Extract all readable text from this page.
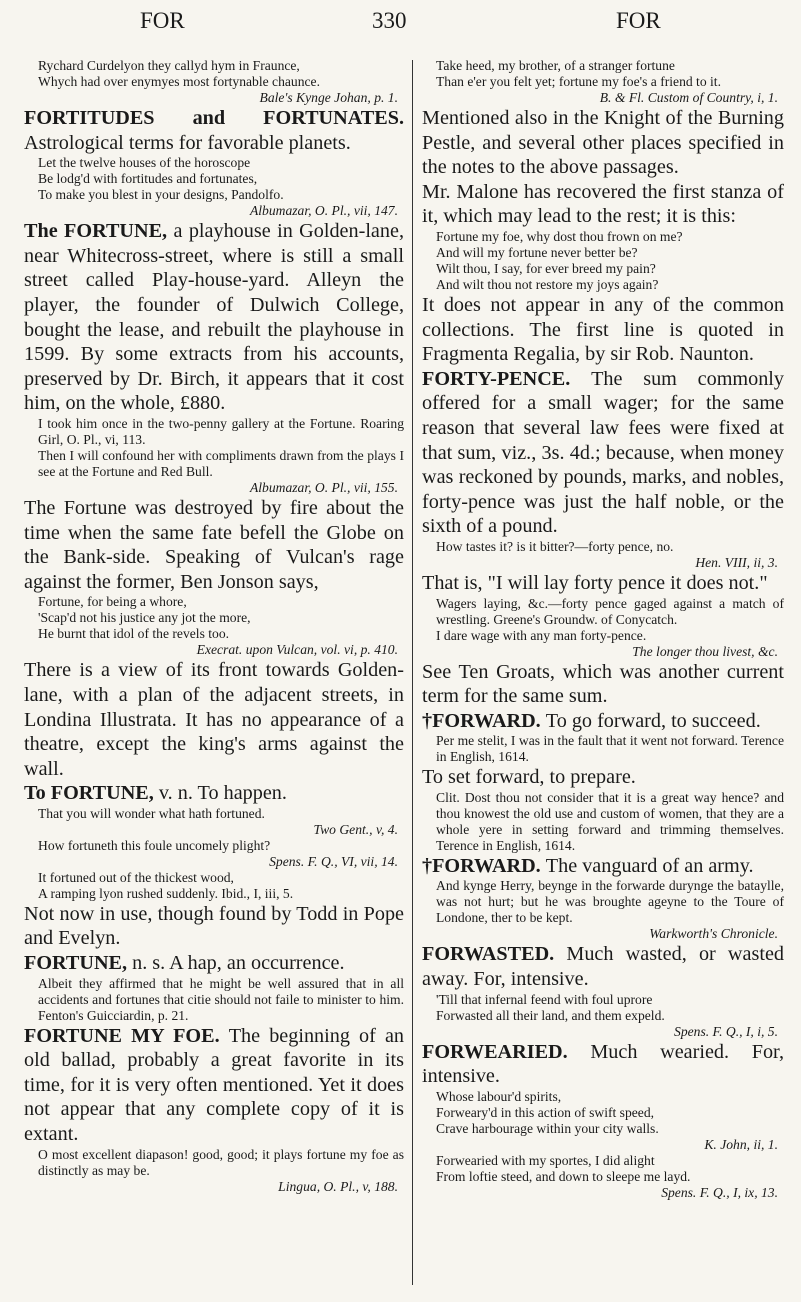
FOR	330	FOR

Rychard Curdelyon they callyd hym in Fraunce,

Whych had over enymyes most fortynable chaunce.

Bale's Kynge Johan, p. 1.

FORTITUDES and FORTUNATES. Astrological terms for favorable planets.

Let the twelve houses of the horoscope

Be lodg'd with fortitudes and fortunates,

To make you blest in your designs, Pandolfo.

Albumazar, O. Pl., vii, 147.

The FORTUNE, a playhouse in Golden-lane, near Whitecross-street, where is still a small street called Play-house-yard. Alleyn the player, the founder of Dulwich College, bought the lease, and rebuilt the playhouse in 1599. By some extracts from his accounts, preserved by Dr. Birch, it appears that it cost him, on the whole, £880.

I took him once in the two-penny gallery at the Fortune. Roaring Girl, O. Pl., vi, 113.

Then I will confound her with compliments drawn from the plays I see at the Fortune and Red Bull.

Albumazar, O. Pl., vii, 155.

The Fortune was destroyed by fire about the time when the same fate befell the Globe on the Bank-side. Speaking of Vulcan's rage against the former, Ben Jonson says,

Fortune, for being a whore,

'Scap'd not his justice any jot the more,

He burnt that idol of the revels too.

Execrat. upon Vulcan, vol. vi, p. 410.

There is a view of its front towards Golden-lane, with a plan of the adjacent streets, in Londina Illustrata. It has no appearance of a theatre, except the king's arms against the wall.

To FORTUNE, v. n. To happen.

That you will wonder what hath fortuned.

Two Gent., v, 4.

How fortuneth this foule uncomely plight?

Spens. F. Q., VI, vii, 14.

It fortuned out of the thickest wood,

A ramping lyon rushed suddenly. Ibid., I, iii, 5.

Not now in use, though found by Todd in Pope and Evelyn.

FORTUNE, n. s. A hap, an occurrence.

Albeit they affirmed that he might be well assured that in all accidents and fortunes that citie should not faile to minister to him. Fenton's Guicciardin, p. 21.

FORTUNE MY FOE. The beginning of an old ballad, probably a great favorite in its time, for it is very often mentioned. Yet it does not appear that any complete copy of it is extant.

O most excellent diapason! good, good; it plays fortune my foe as distinctly as may be.

Lingua, O. Pl., v, 188.

Take heed, my brother, of a stranger fortune

Than e'er you felt yet; fortune my foe's a friend to it.

B. & Fl. Custom of Country, i, 1.

Mentioned also in the Knight of the Burning Pestle, and several other places specified in the notes to the above passages.

Mr. Malone has recovered the first stanza of it, which may lead to the rest; it is this:

Fortune my foe, why dost thou frown on me?

And will my fortune never better be?

Wilt thou, I say, for ever breed my pain?

And wilt thou not restore my joys again?

It does not appear in any of the common collections. The first line is quoted in Fragmenta Regalia, by sir Rob. Naunton.

FORTY-PENCE. The sum commonly offered for a small wager; for the same reason that several law fees were fixed at that sum, viz., 3s. 4d.; because, when money was reckoned by pounds, marks, and nobles, forty-pence was just the half noble, or the sixth of a pound.

How tastes it? is it bitter?—forty pence, no.

Hen. VIII, ii, 3.

That is, "I will lay forty pence it does not."

Wagers laying, &c.—forty pence gaged against a match of wrestling. Greene's Groundw. of Conycatch.

I dare wage with any man forty-pence.

The longer thou livest, &c.

See Ten Groats, which was another current term for the same sum.

†FORWARD. To go forward, to succeed.

Per me stelit, I was in the fault that it went not forward. Terence in English, 1614.

To set forward, to prepare.

Clit. Dost thou not consider that it is a great way hence? and thou knowest the old use and custom of women, that they are a whole yere in setting forward and trimming themselves. Terence in English, 1614.

†FORWARD. The vanguard of an army.

And kynge Herry, beynge in the forwarde durynge the bataylle, was not hurt; but he was broughte ageyne to the Toure of Londone, ther to be kept.

Warkworth's Chronicle.

FORWASTED. Much wasted, or wasted away. For, intensive.

'Till that infernal feend with foul uprore

Forwasted all their land, and them expeld.

Spens. F. Q., I, i, 5.

FORWEARIED. Much wearied. For, intensive.

Whose labour'd spirits,

Forweary'd in this action of swift speed,

Crave harbourage within your city walls.

K. John, ii, 1.

Forwearied with my sportes, I did alight

From loftie steed, and down to sleepe me layd.

Spens. F. Q., I, ix, 13.
